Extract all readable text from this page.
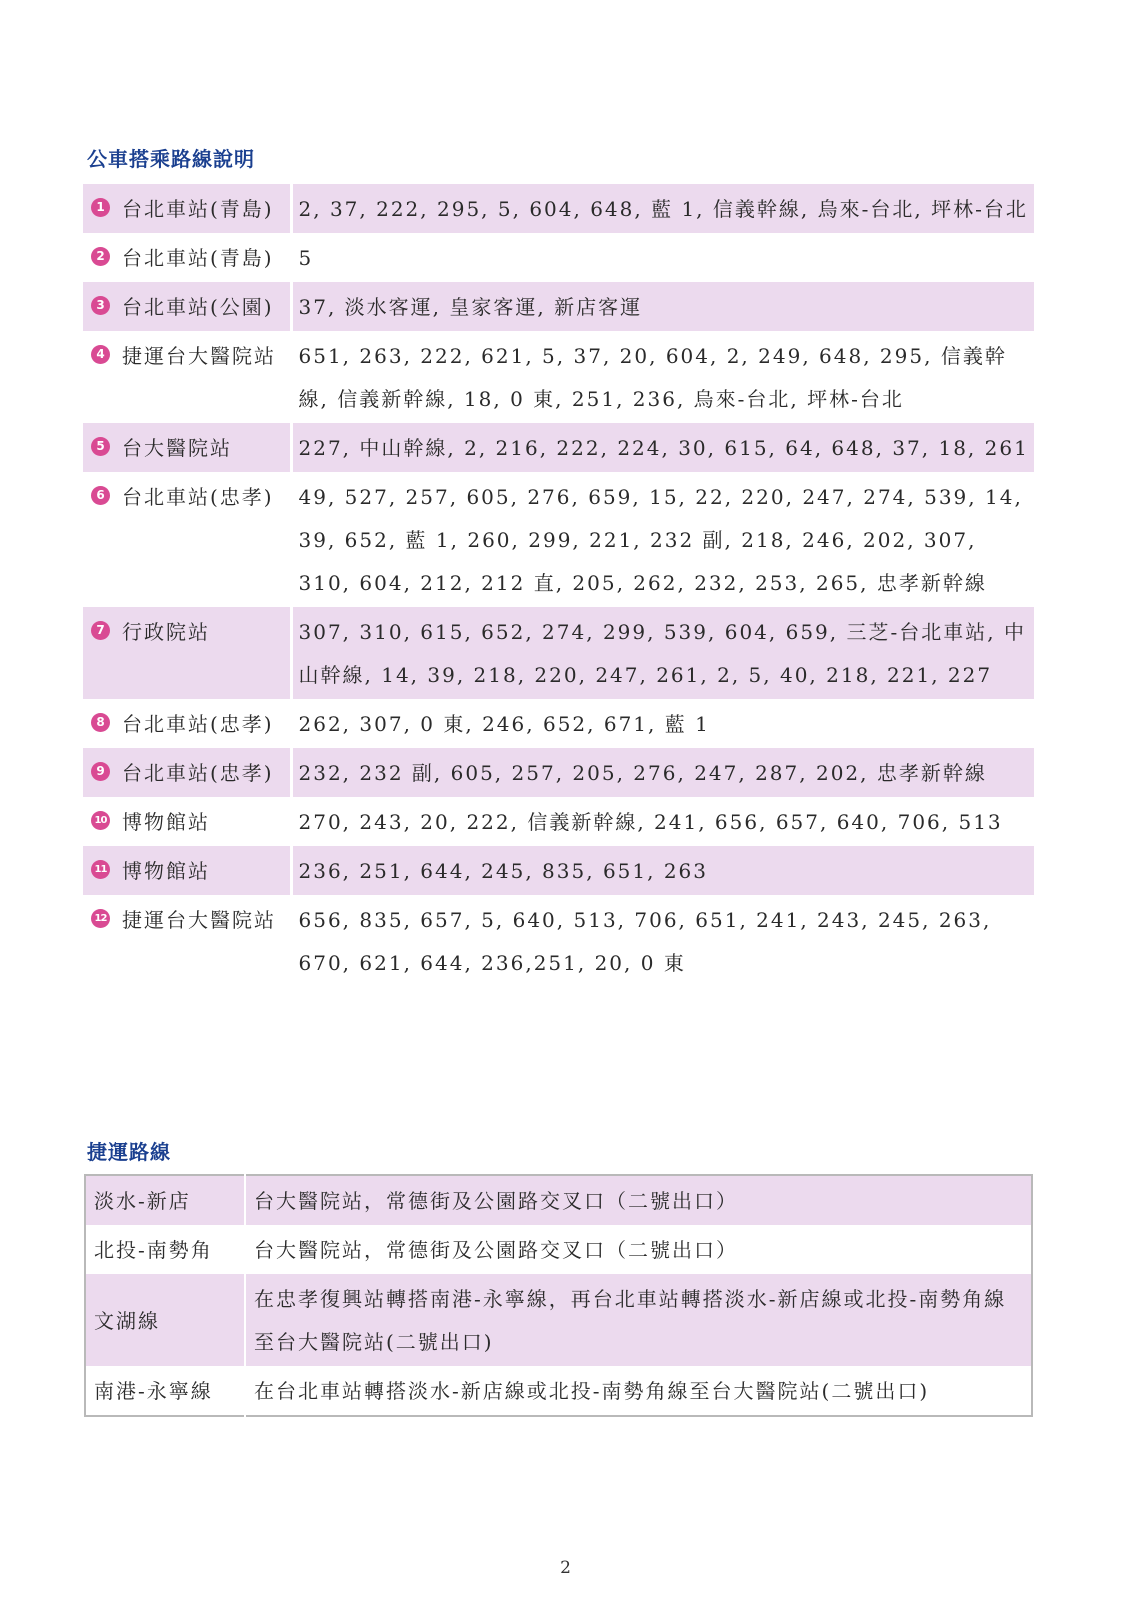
公車搭乘路線說明
1 台北車站(青島)	2, 37, 222, 295, 5, 604, 648, 藍 1, 信義幹線, 烏來-台北, 坪林-台北

2 台北車站(青島)	5

3 台北車站(公園)	37, 淡水客運, 皇家客運, 新店客運

4 捷運台大醫院站	651, 263, 222, 621, 5, 37, 20, 604, 2, 249, 648, 295, 信義幹線, 信義新幹線, 18, 0 東, 251, 236, 烏來-台北, 坪林-台北

5 台大醫院站	227, 中山幹線, 2, 216, 222, 224, 30, 615, 64, 648, 37, 18, 261

6 台北車站(忠孝)	49, 527, 257, 605, 276, 659, 15, 22, 220, 247, 274, 539, 14, 39, 652, 藍 1, 260, 299, 221, 232 副, 218, 246, 202, 307, 310, 604, 212, 212 直, 205, 262, 232, 253, 265, 忠孝新幹線

7 行政院站	307, 310, 615, 652, 274, 299, 539, 604, 659, 三芝-台北車站, 中山幹線, 14, 39, 218, 220, 247, 261, 2, 5, 40, 218, 221, 227

8 台北車站(忠孝)	262, 307, 0 東, 246, 652, 671, 藍 1

9 台北車站(忠孝)	232, 232 副, 605, 257, 205, 276, 247, 287, 202, 忠孝新幹線

10 博物館站	270, 243, 20, 222, 信義新幹線, 241, 656, 657, 640, 706, 513

11 博物館站	236, 251, 644, 245, 835, 651, 263

12 捷運台大醫院站	656, 835, 657, 5, 640, 513, 706, 651, 241, 243, 245, 263, 670, 621, 644, 236,251, 20, 0 東
捷運路線
淡水-新店	台大醫院站，常德街及公園路交叉口（二號出口）
北投-南勢角	台大醫院站，常德街及公園路交叉口（二號出口）
文湖線	在忠孝復興站轉搭南港-永寧線，再台北車站轉搭淡水-新店線或北投-南勢角線至台大醫院站(二號出口)
南港-永寧線	在台北車站轉搭淡水-新店線或北投-南勢角線至台大醫院站(二號出口)
2
